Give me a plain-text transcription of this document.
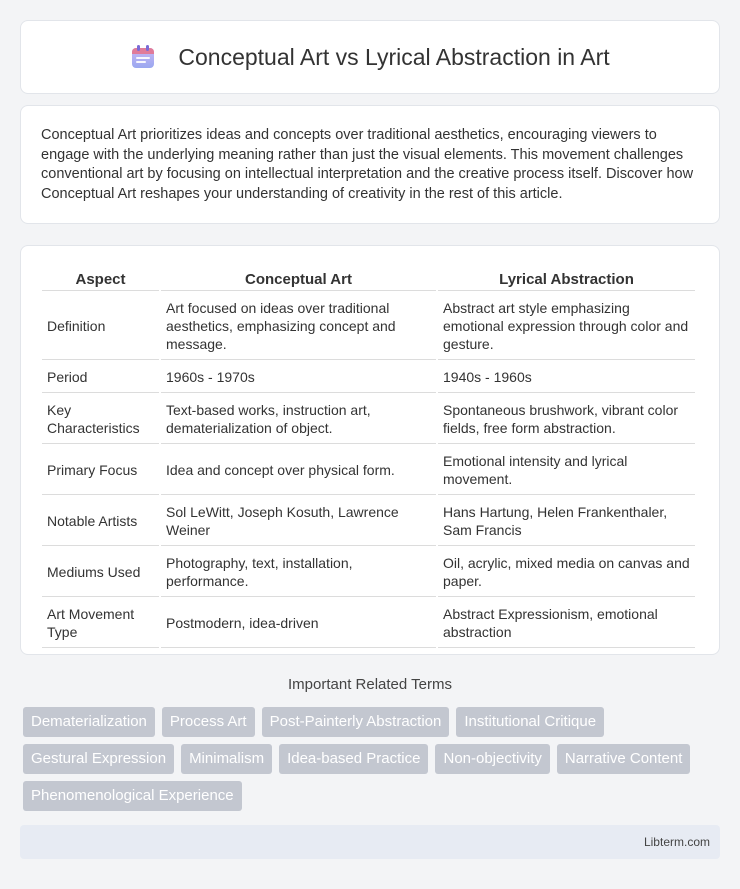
Conceptual Art vs Lyrical Abstraction in Art

Conceptual Art prioritizes ideas and concepts over traditional aesthetics, encouraging viewers to engage with the underlying meaning rather than just the visual elements. This movement challenges conventional art by focusing on intellectual interpretation and the creative process itself. Discover how Conceptual Art reshapes your understanding of creativity in the rest of this article.

Aspect	Conceptual Art	Lyrical Abstraction
Definition	Art focused on ideas over traditional aesthetics, emphasizing concept and message.	Abstract art style emphasizing emotional expression through color and gesture.
Period	1960s - 1970s	1940s - 1960s
Key Characteristics	Text-based works, instruction art, dematerialization of object.	Spontaneous brushwork, vibrant color fields, free form abstraction.
Primary Focus	Idea and concept over physical form.	Emotional intensity and lyrical movement.
Notable Artists	Sol LeWitt, Joseph Kosuth, Lawrence Weiner	Hans Hartung, Helen Frankenthaler, Sam Francis
Mediums Used	Photography, text, installation, performance.	Oil, acrylic, mixed media on canvas and paper.
Art Movement Type	Postmodern, idea-driven	Abstract Expressionism, emotional abstraction
Important Related Terms
Dematerialization	Process Art	Post-Painterly Abstraction	Institutional Critique
Gestural Expression	Minimalism	Idea-based Practice	Non-objectivity	Narrative Content
Phenomenological Experience
Libterm.com
